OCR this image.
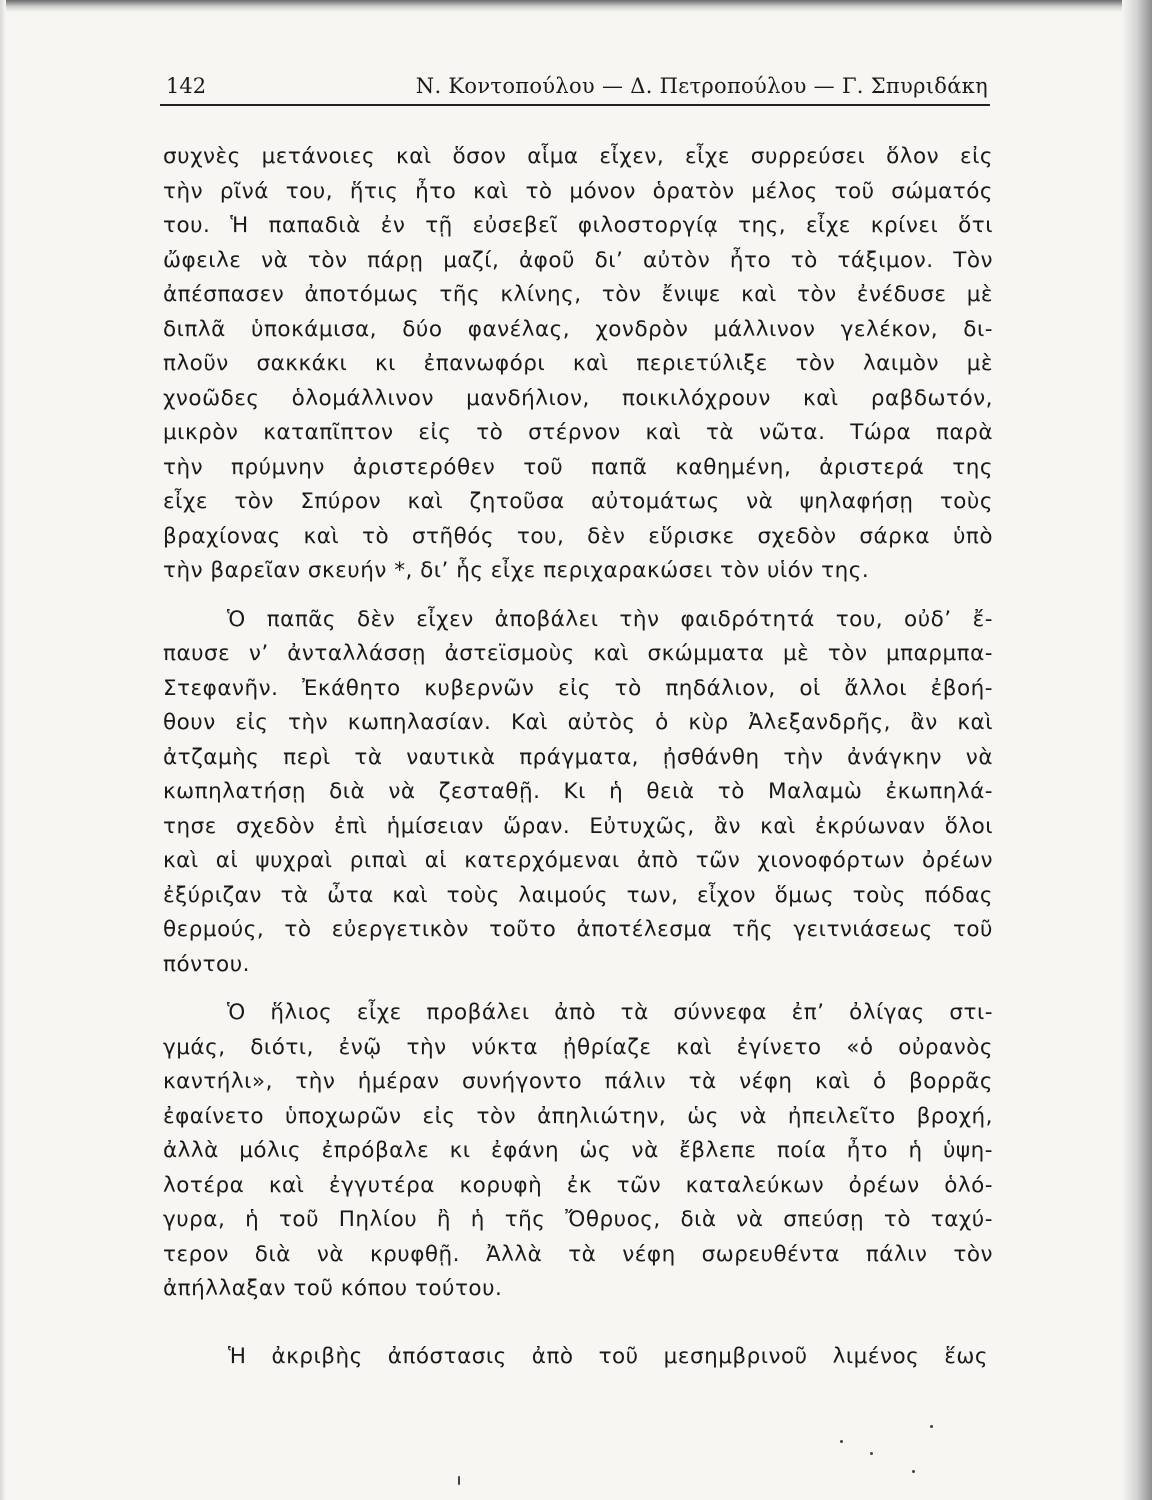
142	Ν. Κοντοπούλου — Δ. Πετροπούλου — Γ. Σπυριδάκη
συχνὲς μετάνοιες καὶ ὅσον αἷμα εἶχεν, εἶχε συρρεύσει ὅλον εἰς
τὴν ρῖνά του, ἥτις ἦτο καὶ τὸ μόνον ὁρατὸν μέλος τοῦ σώματός
του. Ἡ παπαδιὰ ἐν τῇ εὐσεβεῖ φιλοστοργίᾳ της, εἶχε κρίνει ὅτι
ὤφειλε νὰ τὸν πάρῃ μαζί, ἀφοῦ δι’ αὐτὸν ἦτο τὸ τάξιμον. Τὸν
ἀπέσπασεν ἀποτόμως τῆς κλίνης, τὸν ἔνιψε καὶ τὸν ἐνέδυσε μὲ
διπλᾶ ὑποκάμισα, δύο φανέλας, χονδρὸν μάλλινον γελέκον, δι-
πλοῦν σακκάκι κι ἐπανωφόρι καὶ περιετύλιξε τὸν λαιμὸν μὲ
χνοῶδες ὁλομάλλινον μανδήλιον, ποικιλόχρουν καὶ ραβδωτόν,
μικρὸν καταπῖπτον εἰς τὸ στέρνον καὶ τὰ νῶτα. Τώρα παρὰ
τὴν πρύμνην ἀριστερόθεν τοῦ παπᾶ καθημένη, ἀριστερά της
εἶχε τὸν Σπύρον καὶ ζητοῦσα αὐτομάτως νὰ ψηλαφήσῃ τοὺς
βραχίονας καὶ τὸ στῆθός του, δὲν εὕρισκε σχεδὸν σάρκα ὑπὸ
τὴν βαρεῖαν σκευήν *, δι’ ἧς εἶχε περιχαρακώσει τὸν υἱόν της.
Ὁ παπᾶς δὲν εἶχεν ἀποβάλει τὴν φαιδρότητά του, οὐδ’ ἔ-
παυσε ν’ ἀνταλλάσσῃ ἀστεϊσμοὺς καὶ σκώμματα μὲ τὸν μπαρμπα-
Στεφανῆν. Ἐκάθητο κυβερνῶν εἰς τὸ πηδάλιον, οἱ ἄλλοι ἐβοή-
θουν εἰς τὴν κωπηλασίαν. Καὶ αὐτὸς ὁ κὺρ Ἀλεξανδρῆς, ἂν καὶ
ἀτζαμὴς περὶ τὰ ναυτικὰ πράγματα, ᾐσθάνθη τὴν ἀνάγκην νὰ
κωπηλατήσῃ διὰ νὰ ζεσταθῇ. Κι ἡ θειὰ τὸ Μαλαμὼ ἐκωπηλά-
τησε σχεδὸν ἐπὶ ἡμίσειαν ὥραν. Εὐτυχῶς, ἂν καὶ ἐκρύωναν ὅλοι
καὶ αἱ ψυχραὶ ριπαὶ αἱ κατερχόμεναι ἀπὸ τῶν χιονοφόρτων ὀρέων
ἐξύριζαν τὰ ὦτα καὶ τοὺς λαιμούς των, εἶχον ὅμως τοὺς πόδας
θερμούς, τὸ εὐεργετικὸν τοῦτο ἀποτέλεσμα τῆς γειτνιάσεως τοῦ
πόντου.
Ὁ ἥλιος εἶχε προβάλει ἀπὸ τὰ σύννεφα ἐπ’ ὀλίγας στι-
γμάς, διότι, ἐνῷ τὴν νύκτα ᾐθρίαζε καὶ ἐγίνετο «ὁ οὐρανὸς
καντήλι», τὴν ἡμέραν συνήγοντο πάλιν τὰ νέφη καὶ ὁ βορρᾶς
ἐφαίνετο ὑποχωρῶν εἰς τὸν ἀπηλιώτην, ὡς νὰ ἠπειλεῖτο βροχή,
ἀλλὰ μόλις ἐπρόβαλε κι ἐφάνη ὡς νὰ ἔβλεπε ποία ἦτο ἡ ὑψη-
λοτέρα καὶ ἐγγυτέρα κορυφὴ ἐκ τῶν καταλεύκων ὀρέων ὁλό-
γυρα, ἡ τοῦ Πηλίου ἢ ἡ τῆς Ὄθρυος, διὰ νὰ σπεύσῃ τὸ ταχύ-
τερον διὰ νὰ κρυφθῇ. Ἀλλὰ τὰ νέφη σωρευθέντα πάλιν τὸν
ἀπήλλαξαν τοῦ κόπου τούτου.
Ἡ ἀκριβὴς ἀπόστασις ἀπὸ τοῦ μεσημβρινοῦ λιμένος ἕως
